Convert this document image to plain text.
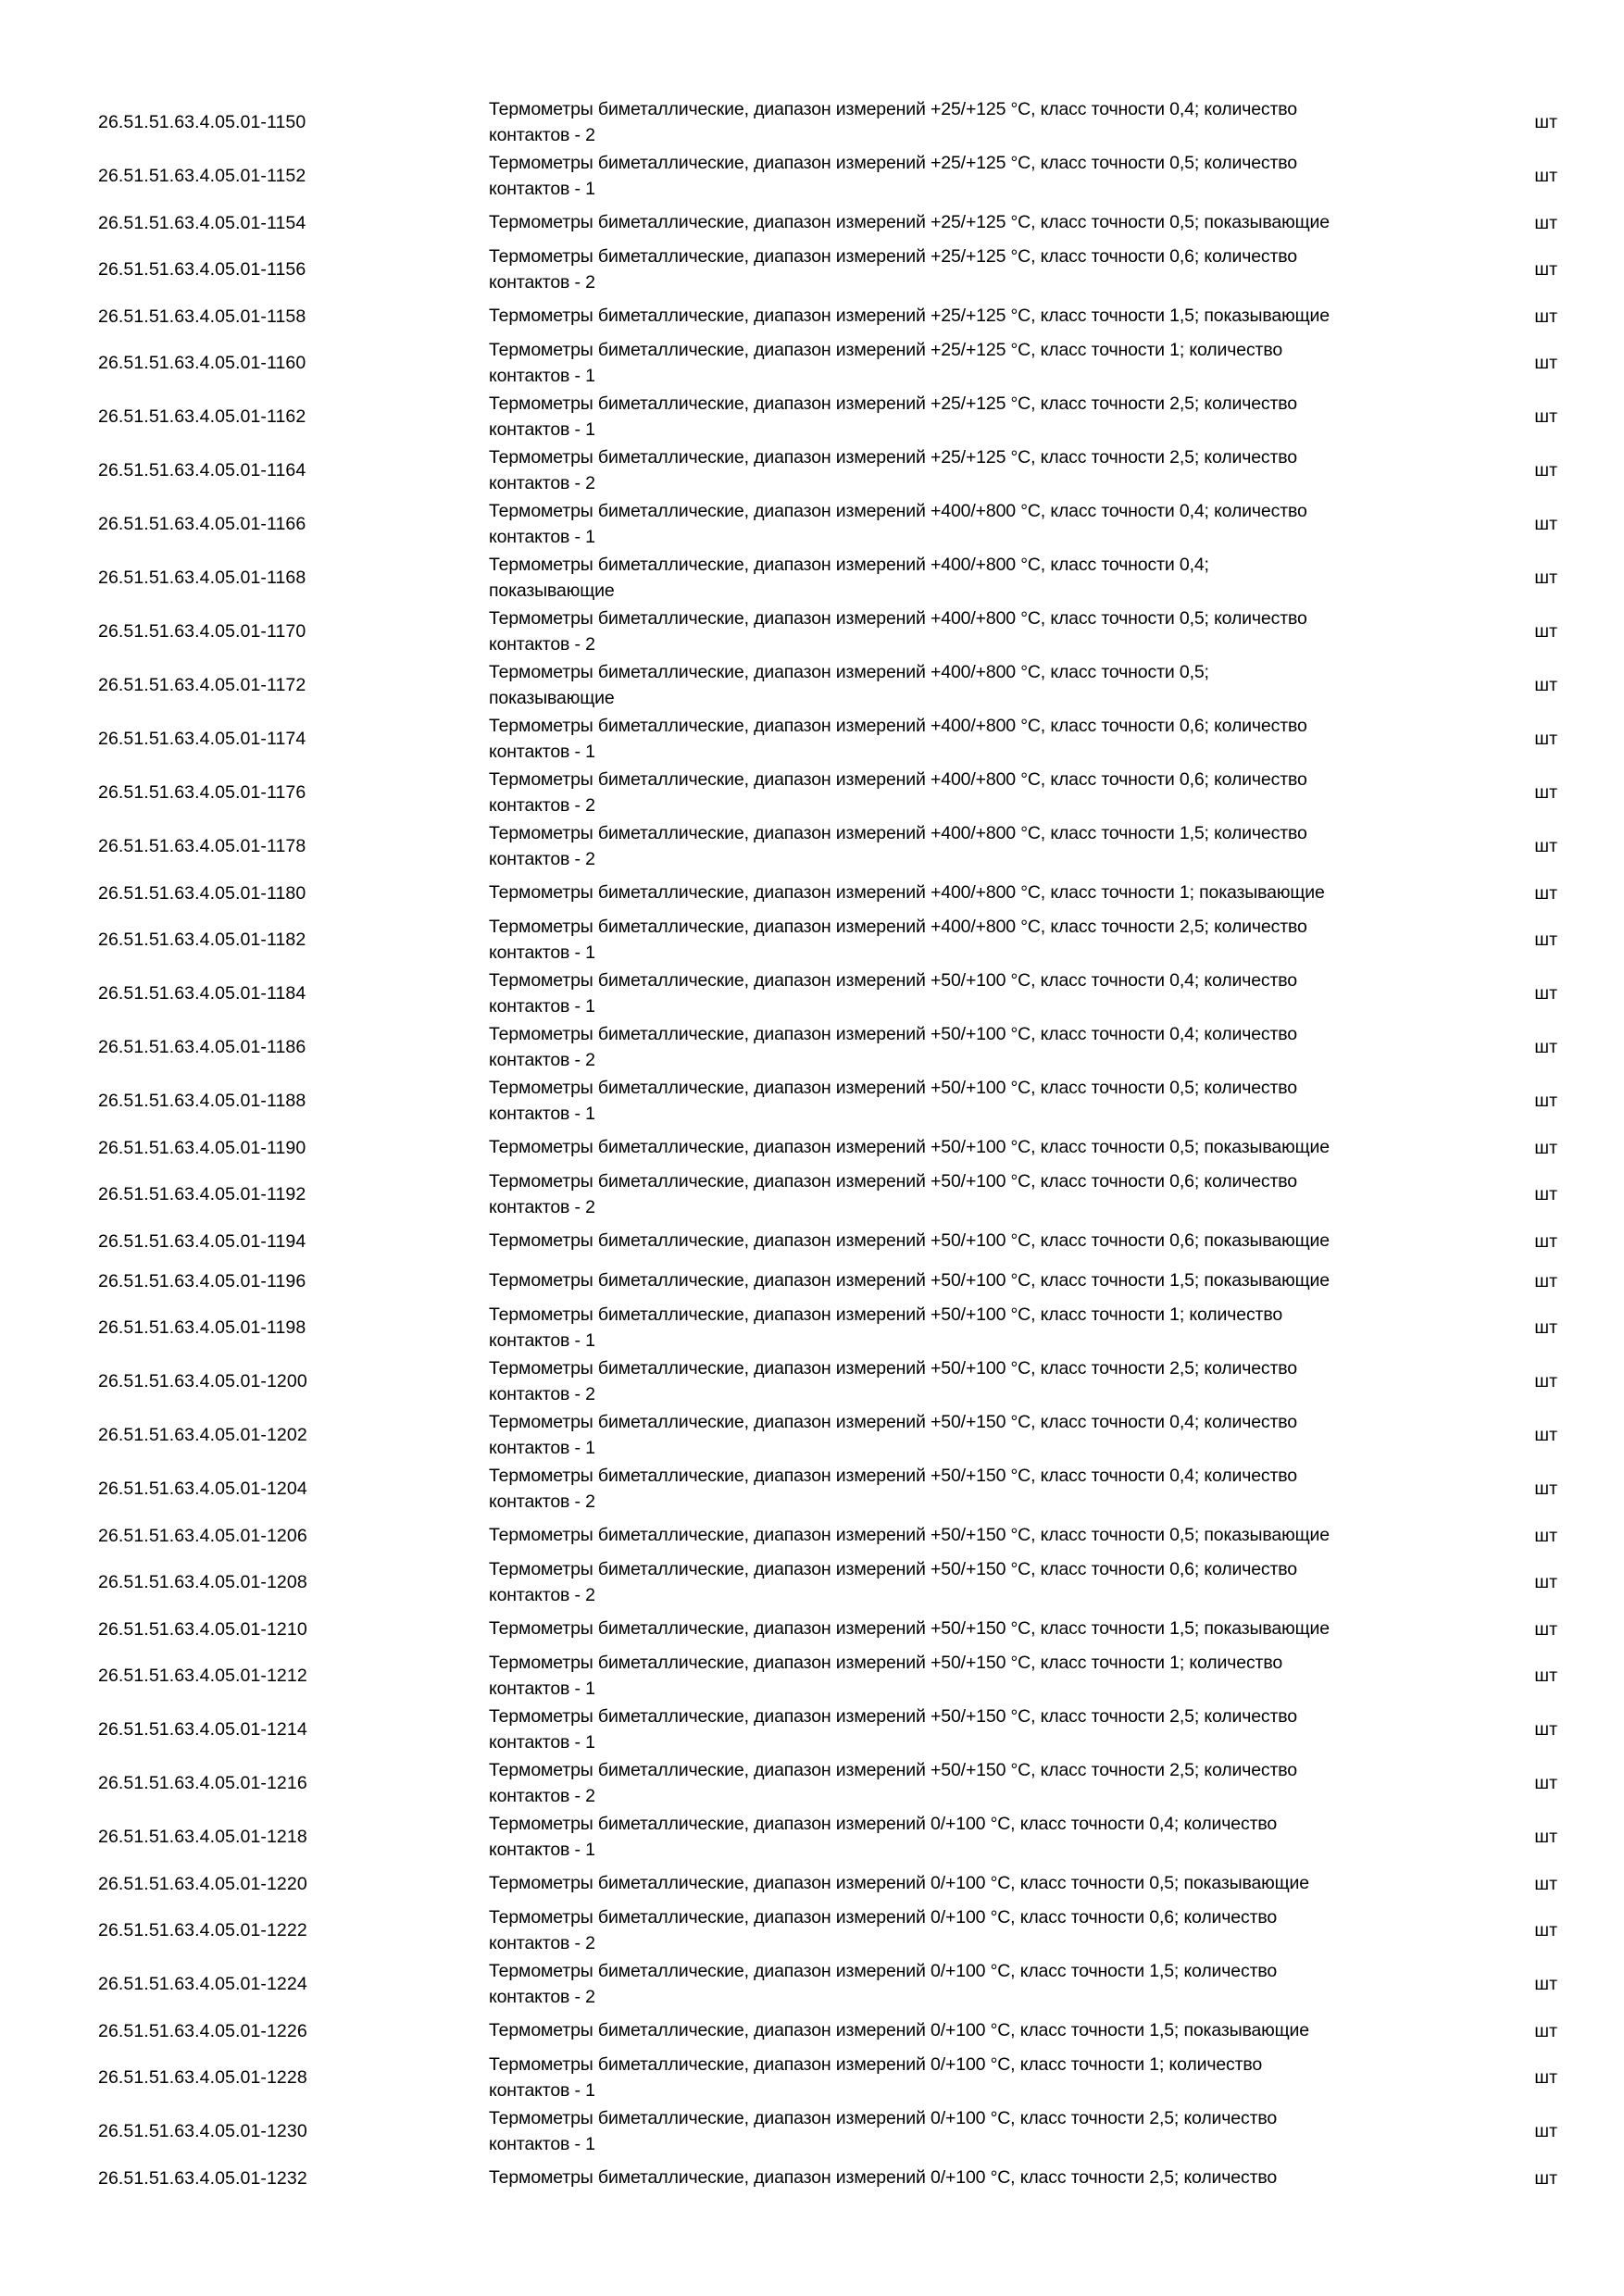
26.51.51.63.4.05.01-1150
Термометры биметаллические, диапазон измерений +25/+125 °С, класс точности 0,4; количество
контактов - 2
шт
26.51.51.63.4.05.01-1152
Термометры биметаллические, диапазон измерений +25/+125 °С, класс точности 0,5; количество
контактов - 1
шт
26.51.51.63.4.05.01-1154	Термометры биметаллические, диапазон измерений +25/+125 °С, класс точности 0,5; показывающие	шт
26.51.51.63.4.05.01-1156
Термометры биметаллические, диапазон измерений +25/+125 °С, класс точности 0,6; количество
контактов - 2
шт
26.51.51.63.4.05.01-1158	Термометры биметаллические, диапазон измерений +25/+125 °С, класс точности 1,5; показывающие	шт
26.51.51.63.4.05.01-1160
Термометры биметаллические, диапазон измерений +25/+125 °С, класс точности 1; количество
контактов - 1
шт
26.51.51.63.4.05.01-1162
Термометры биметаллические, диапазон измерений +25/+125 °С, класс точности 2,5; количество
контактов - 1
шт
26.51.51.63.4.05.01-1164
Термометры биметаллические, диапазон измерений +25/+125 °С, класс точности 2,5; количество
контактов - 2
шт
26.51.51.63.4.05.01-1166
Термометры биметаллические, диапазон измерений +400/+800 °С, класс точности 0,4; количество
контактов - 1
шт
26.51.51.63.4.05.01-1168
Термометры биметаллические, диапазон измерений +400/+800 °С, класс точности 0,4;
показывающие
шт
26.51.51.63.4.05.01-1170
Термометры биметаллические, диапазон измерений +400/+800 °С, класс точности 0,5; количество
контактов - 2
шт
26.51.51.63.4.05.01-1172
Термометры биметаллические, диапазон измерений +400/+800 °С, класс точности 0,5;
показывающие
шт
26.51.51.63.4.05.01-1174
Термометры биметаллические, диапазон измерений +400/+800 °С, класс точности 0,6; количество
контактов - 1
шт
26.51.51.63.4.05.01-1176
Термометры биметаллические, диапазон измерений +400/+800 °С, класс точности 0,6; количество
контактов - 2
шт
26.51.51.63.4.05.01-1178
Термометры биметаллические, диапазон измерений +400/+800 °С, класс точности 1,5; количество
контактов - 2
шт
26.51.51.63.4.05.01-1180	Термометры биметаллические, диапазон измерений +400/+800 °С, класс точности 1; показывающие	шт
26.51.51.63.4.05.01-1182
Термометры биметаллические, диапазон измерений +400/+800 °С, класс точности 2,5; количество
контактов - 1
шт
26.51.51.63.4.05.01-1184
Термометры биметаллические, диапазон измерений +50/+100 °С, класс точности 0,4; количество
контактов - 1
шт
26.51.51.63.4.05.01-1186
Термометры биметаллические, диапазон измерений +50/+100 °С, класс точности 0,4; количество
контактов - 2
шт
26.51.51.63.4.05.01-1188
Термометры биметаллические, диапазон измерений +50/+100 °С, класс точности 0,5; количество
контактов - 1
шт
26.51.51.63.4.05.01-1190	Термометры биметаллические, диапазон измерений +50/+100 °С, класс точности 0,5; показывающие	шт
26.51.51.63.4.05.01-1192
Термометры биметаллические, диапазон измерений +50/+100 °С, класс точности 0,6; количество
контактов - 2
шт
26.51.51.63.4.05.01-1194	Термометры биметаллические, диапазон измерений +50/+100 °С, класс точности 0,6; показывающие	шт
26.51.51.63.4.05.01-1196	Термометры биметаллические, диапазон измерений +50/+100 °С, класс точности 1,5; показывающие	шт
26.51.51.63.4.05.01-1198
Термометры биметаллические, диапазон измерений +50/+100 °С, класс точности 1; количество
контактов - 1
шт
26.51.51.63.4.05.01-1200
Термометры биметаллические, диапазон измерений +50/+100 °С, класс точности 2,5; количество
контактов - 2
шт
26.51.51.63.4.05.01-1202
Термометры биметаллические, диапазон измерений +50/+150 °С, класс точности 0,4; количество
контактов - 1
шт
26.51.51.63.4.05.01-1204
Термометры биметаллические, диапазон измерений +50/+150 °С, класс точности 0,4; количество
контактов - 2
шт
26.51.51.63.4.05.01-1206	Термометры биметаллические, диапазон измерений +50/+150 °С, класс точности 0,5; показывающие	шт
26.51.51.63.4.05.01-1208
Термометры биметаллические, диапазон измерений +50/+150 °С, класс точности 0,6; количество
контактов - 2
шт
26.51.51.63.4.05.01-1210	Термометры биметаллические, диапазон измерений +50/+150 °С, класс точности 1,5; показывающие	шт
26.51.51.63.4.05.01-1212
Термометры биметаллические, диапазон измерений +50/+150 °С, класс точности 1; количество
контактов - 1
шт
26.51.51.63.4.05.01-1214
Термометры биметаллические, диапазон измерений +50/+150 °С, класс точности 2,5; количество
контактов - 1
шт
26.51.51.63.4.05.01-1216
Термометры биметаллические, диапазон измерений +50/+150 °С, класс точности 2,5; количество
контактов - 2
шт
26.51.51.63.4.05.01-1218
Термометры биметаллические, диапазон измерений 0/+100 °С, класс точности 0,4; количество
контактов - 1
шт
26.51.51.63.4.05.01-1220	Термометры биметаллические, диапазон измерений 0/+100 °С, класс точности 0,5; показывающие	шт
26.51.51.63.4.05.01-1222
Термометры биметаллические, диапазон измерений 0/+100 °С, класс точности 0,6; количество
контактов - 2
шт
26.51.51.63.4.05.01-1224
Термометры биметаллические, диапазон измерений 0/+100 °С, класс точности 1,5; количество
контактов - 2
шт
26.51.51.63.4.05.01-1226	Термометры биметаллические, диапазон измерений 0/+100 °С, класс точности 1,5; показывающие	шт
26.51.51.63.4.05.01-1228
Термометры биметаллические, диапазон измерений 0/+100 °С, класс точности 1; количество
контактов - 1
шт
26.51.51.63.4.05.01-1230
Термометры биметаллические, диапазон измерений 0/+100 °С, класс точности 2,5; количество
контактов - 1
шт
26.51.51.63.4.05.01-1232	Термометры биметаллические, диапазон измерений 0/+100 °С, класс точности 2,5; количество	шт
